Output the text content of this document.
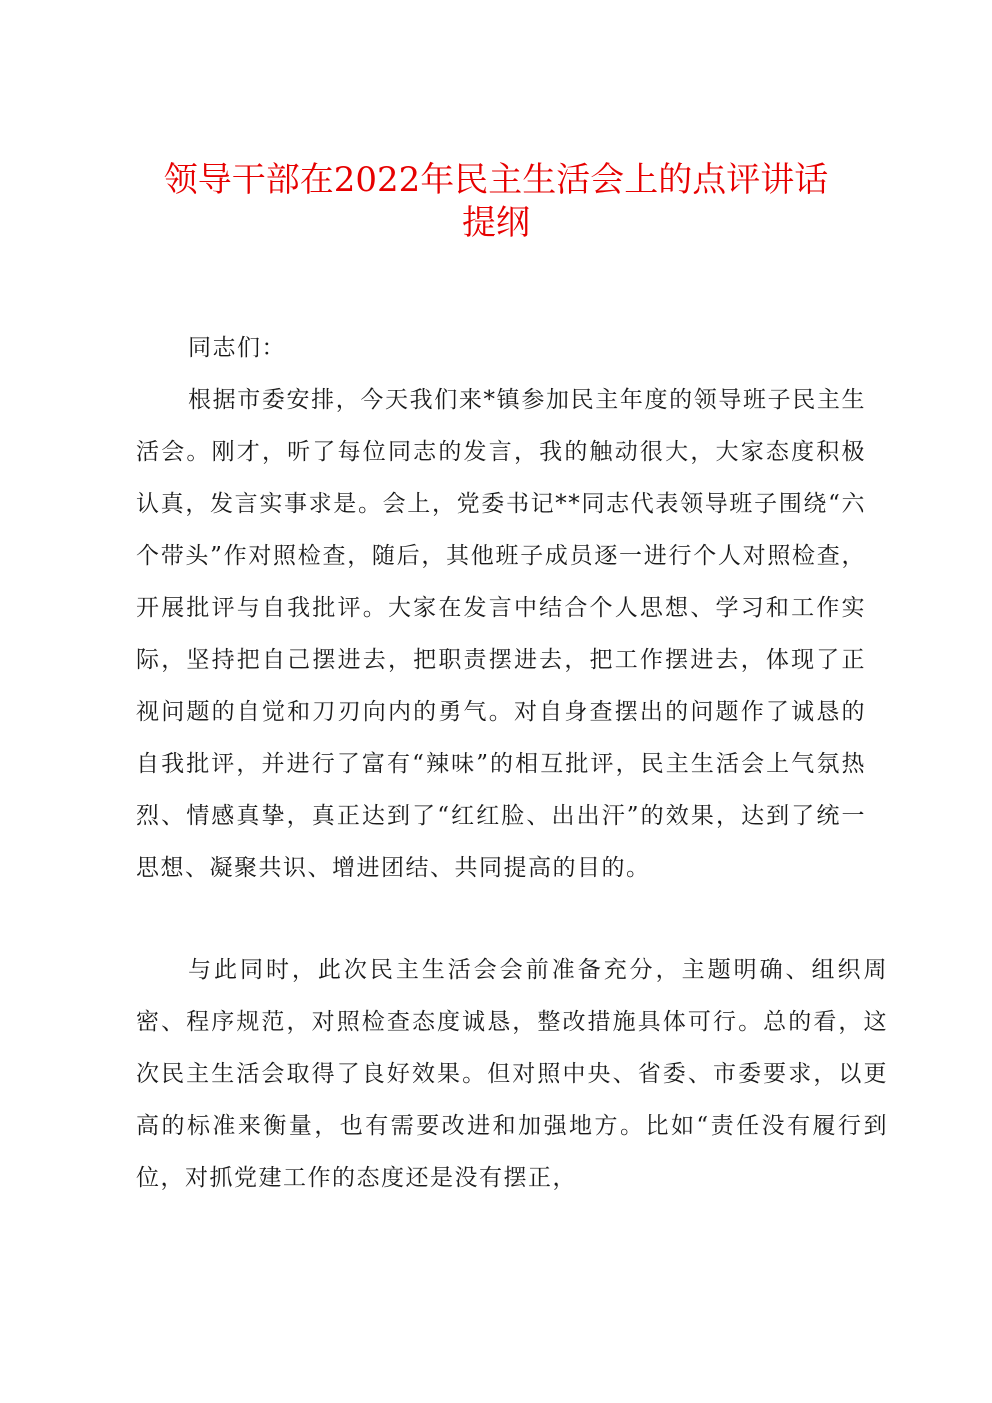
领导干部在2022年民主生活会上的点评讲话
提纲

同志们：

根据市委安排，今天我们来*镇参加民主年度的领导班子民主生活会。刚才，听了每位同志的发言，我的触动很大，大家态度积极认真，发言实事求是。会上，党委书记**同志代表领导班子围绕“六个带头”作对照检查，随后，其他班子成员逐一进行个人对照检查，开展批评与自我批评。大家在发言中结合个人思想、学习和工作实际，坚持把自己摆进去，把职责摆进去，把工作摆进去，体现了正视问题的自觉和刀刃向内的勇气。对自身查摆出的问题作了诚恳的自我批评，并进行了富有“辣味”的相互批评，民主生活会上气氛热烈、情感真挚，真正达到了“红红脸、出出汗”的效果，达到了统一思想、凝聚共识、增进团结、共同提高的目的。

与此同时，此次民主生活会会前准备充分，主题明确、组织周密、程序规范，对照检查态度诚恳，整改措施具体可行。总的看，这次民主生活会取得了良好效果。但对照中央、省委、市委要求，以更高的标准来衡量，也有需要改进和加强地方。比如“责任没有履行到位，对抓党建工作的态度还是没有摆正，
